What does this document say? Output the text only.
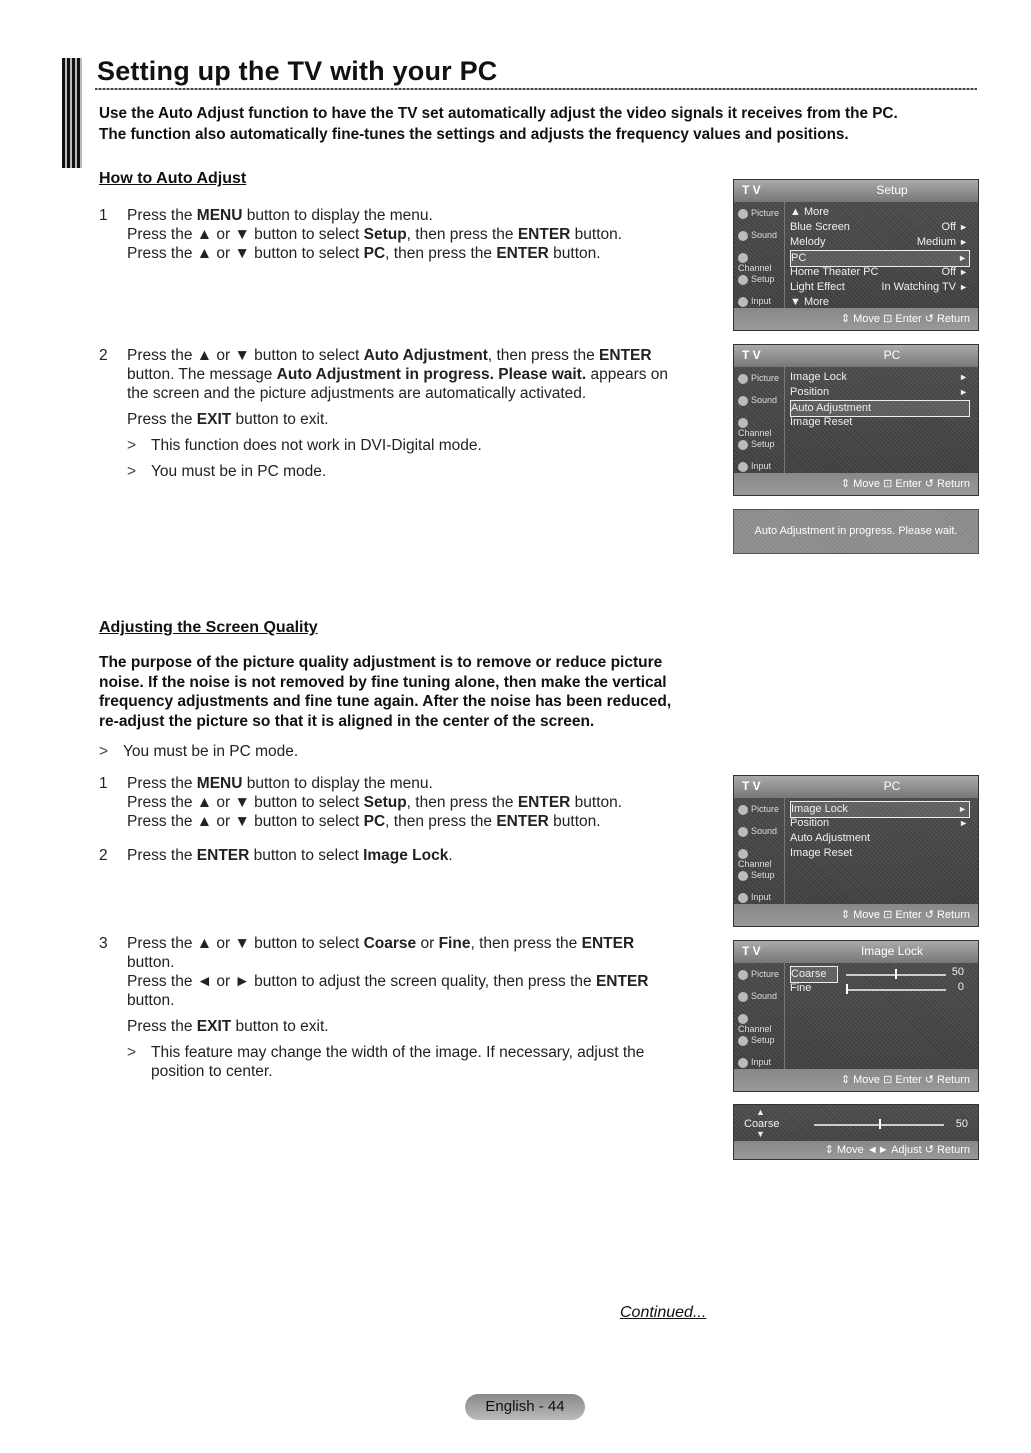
Setting up the TV with your PC
Use the Auto Adjust function to have the TV set automatically adjust the video signals it receives from the PC.
The function also automatically fine-tunes the settings and adjusts the frequency values and positions.
How to Auto Adjust
1 Press the MENU button to display the menu.
Press the ▲ or ▼ button to select Setup, then press the ENTER button.
Press the ▲ or ▼ button to select PC, then press the ENTER button.
2 Press the ▲ or ▼ button to select Auto Adjustment, then press the ENTER
button. The message Auto Adjustment in progress. Please wait. appears on
the screen and the picture adjustments are automatically activated.
Press the EXIT button to exit.
> This function does not work in DVI-Digital mode.
> You must be in PC mode.
T V	Setup
Picture
Sound
Channel
Setup
Input
▲ More
Blue Screen	Off ►
Melody	Medium ►
PC	►
Home Theater PC	Off ►
Light Effect	In Watching TV ►
▼ More
⇕ Move ⊡ Enter ↺ Return
T V	PC
Picture
Sound
Channel
Setup
Input
Image Lock	►
Position	►
Auto Adjustment
Image Reset
⇕ Move ⊡ Enter ↺ Return
Auto Adjustment in progress. Please wait.
Adjusting the Screen Quality
The purpose of the picture quality adjustment is to remove or reduce picture
noise. If the noise is not removed by fine tuning alone, then make the vertical
frequency adjustments and fine tune again. After the noise has been reduced,
re-adjust the picture so that it is aligned in the center of the screen.
> You must be in PC mode.
1 Press the MENU button to display the menu.
Press the ▲ or ▼ button to select Setup, then press the ENTER button.
Press the ▲ or ▼ button to select PC, then press the ENTER button.
2 Press the ENTER button to select Image Lock.
3 Press the ▲ or ▼ button to select Coarse or Fine, then press the ENTER
button.
Press the ◄ or ► button to adjust the screen quality, then press the ENTER
button.
Press the EXIT button to exit.
> This feature may change the width of the image. If necessary, adjust the
position to center.
T V	PC
Picture
Sound
Channel
Setup
Input
Image Lock	►
Position	►
Auto Adjustment
Image Reset
⇕ Move ⊡ Enter ↺ Return
T V	Image Lock
Picture
Sound
Channel
Setup
Input
Coarse	50
Fine	0
⇕ Move ⊡ Enter ↺ Return
▲
Coarse
▼
50
⇕ Move ◄► Adjust ↺ Return
Continued...
English - 44
